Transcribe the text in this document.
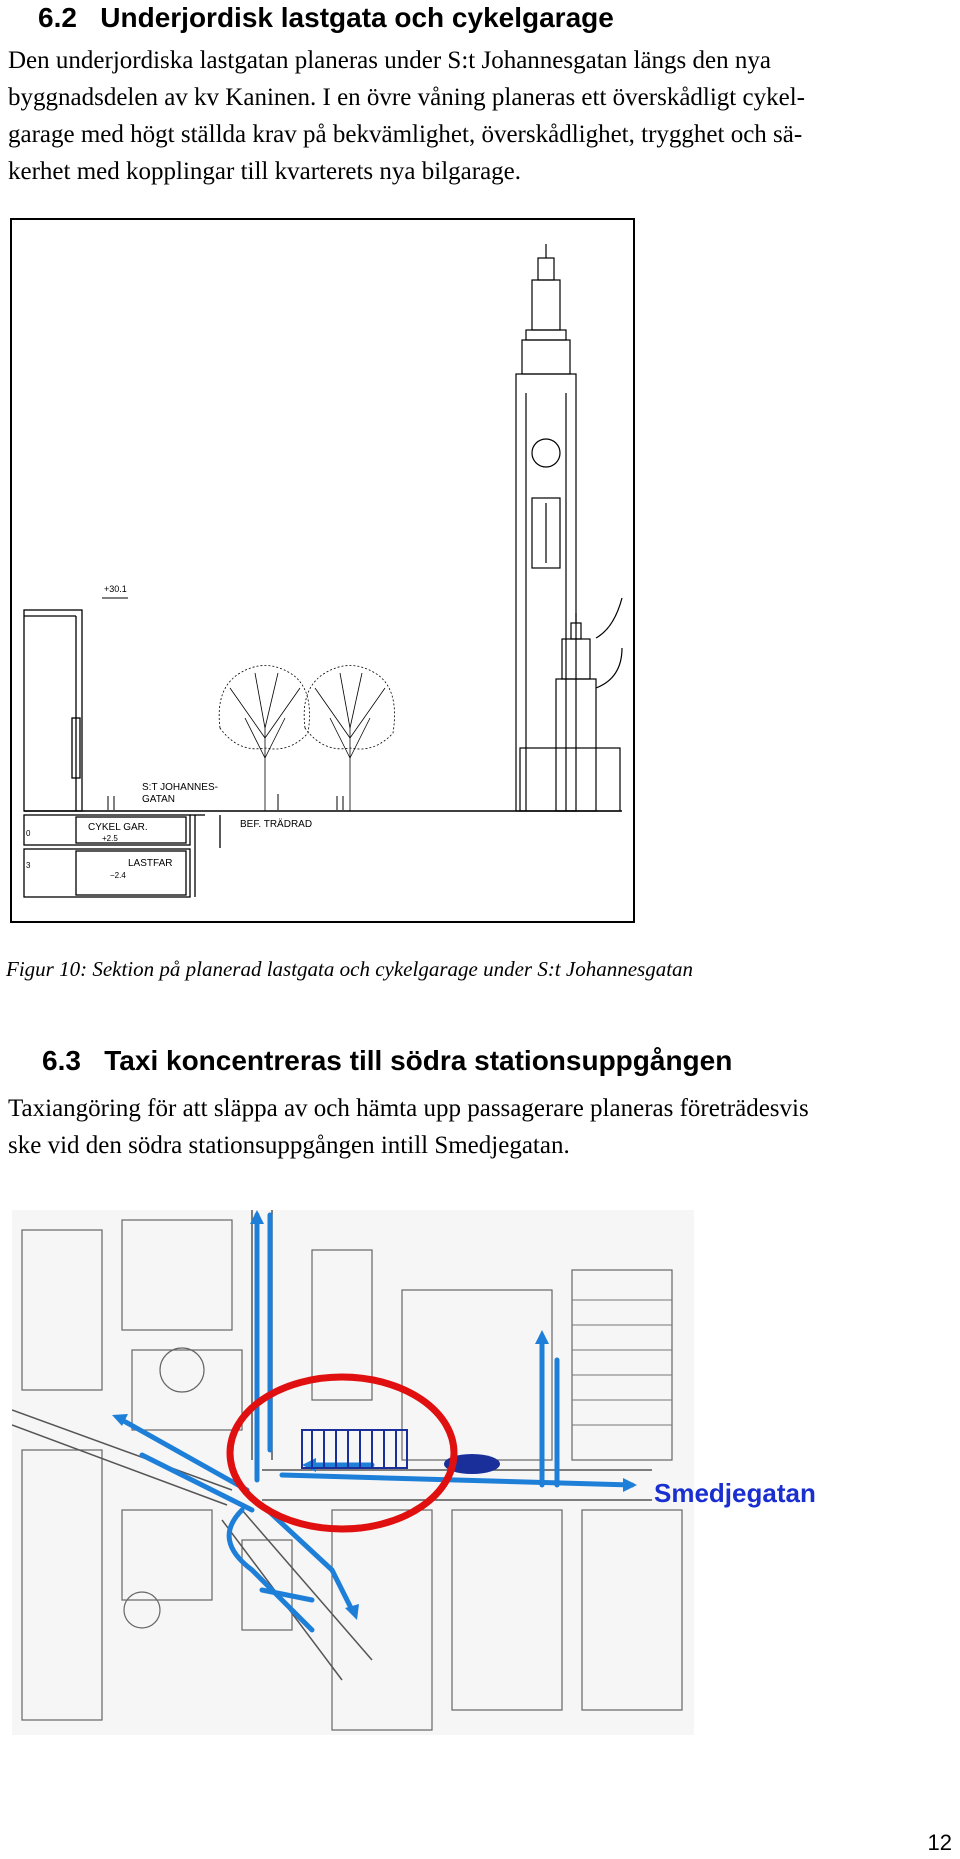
6.2 Underjordisk lastgata och cykelgarage
Den underjordiska lastgatan planeras under S:t Johannesgatan längs den nya
byggnadsdelen av kv Kaninen. I en övre våning planeras ett överskådligt cykel-
garage med högt ställda krav på bekvämlighet, överskådlighet, trygghet och sä-
kerhet med kopplingar till kvarterets nya bilgarage.
+30.1
S:T JOHANNES-
GATAN
CYKEL GAR.
+2.5
BEF. TRÄDRAD
LASTFAR
−2.4
0
3
Figur 10: Sektion på planerad lastgata och cykelgarage under S:t Johannesgatan
6.3 Taxi koncentreras till södra stationsuppgången
Taxiangöring för att släppa av och hämta upp passagerare planeras företrädesvis
ske vid den södra stationsuppgången intill Smedjegatan.
Smedjegatan
12
